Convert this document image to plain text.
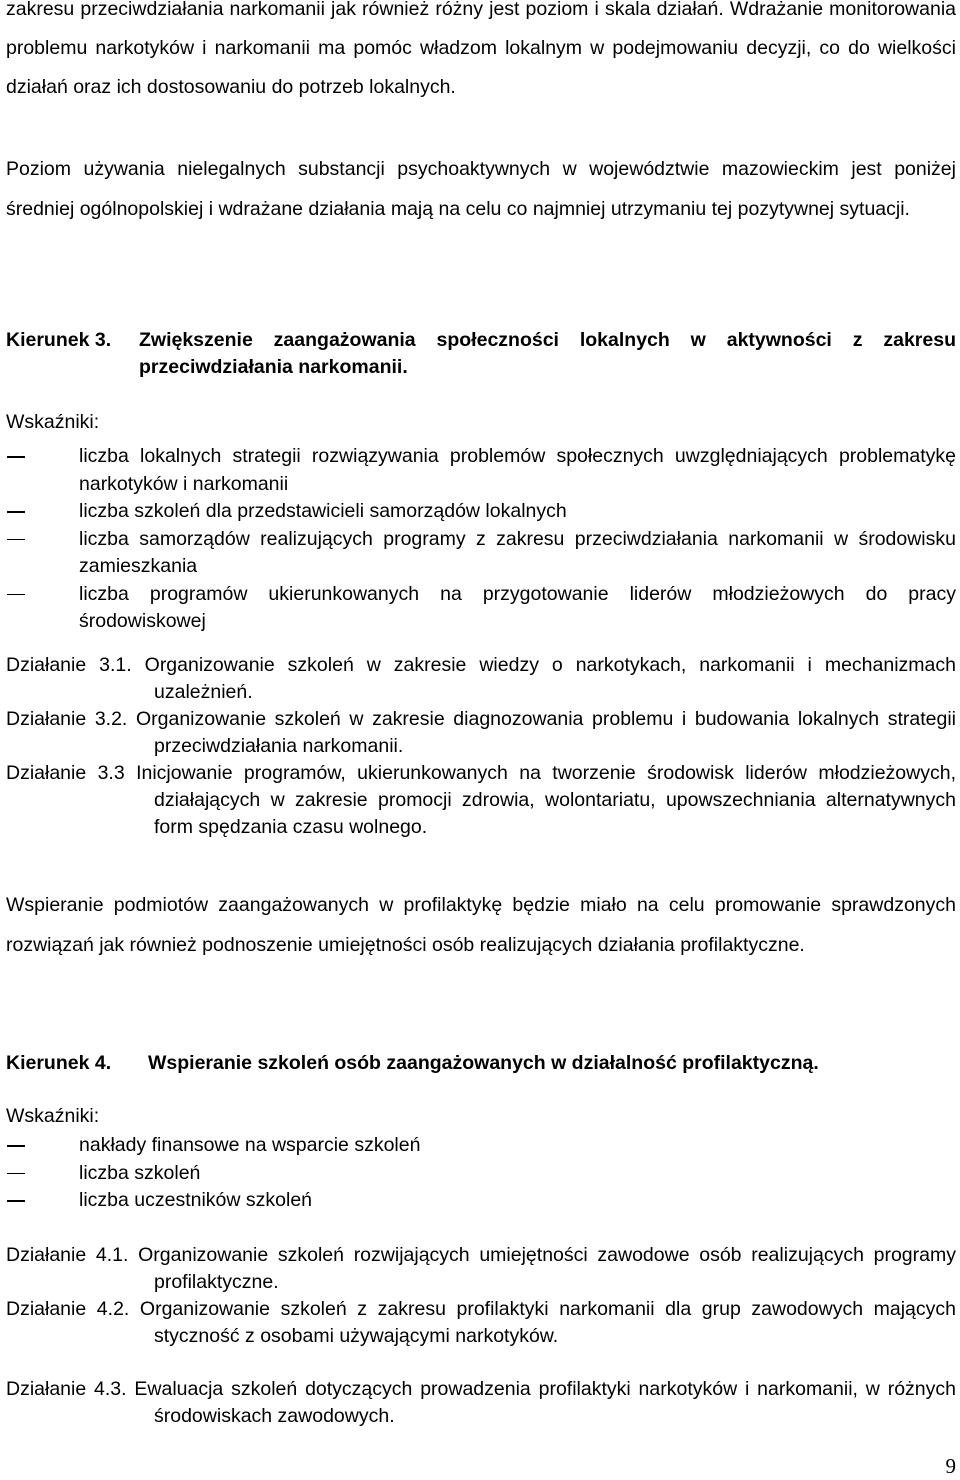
zakresu przeciwdziałania narkomanii jak również różny jest poziom i skala działań. Wdrażanie monitorowania problemu narkotyków i narkomanii ma pomóc władzom lokalnym w podejmowaniu decyzji, co do wielkości działań oraz ich dostosowaniu do potrzeb lokalnych.

Poziom używania nielegalnych substancji psychoaktywnych w województwie mazowieckim jest poniżej średniej ogólnopolskiej i wdrażane działania mają na celu co najmniej utrzymaniu tej pozytywnej sytuacji.

Kierunek 3.	Zwiększenie zaangażowania społeczności lokalnych w aktywności z zakresu przeciwdziałania narkomanii.
Wskaźniki:
liczba lokalnych strategii rozwiązywania problemów społecznych uwzględniających problematykę narkotyków i narkomanii
liczba szkoleń dla przedstawicieli samorządów lokalnych
liczba samorządów realizujących programy z zakresu przeciwdziałania narkomanii w środowisku zamieszkania
liczba programów ukierunkowanych na przygotowanie liderów młodzieżowych do pracy środowiskowej
Działanie 3.1. Organizowanie szkoleń w zakresie wiedzy o narkotykach, narkomanii i mechanizmach uzależnień.
Działanie 3.2. Organizowanie szkoleń w zakresie diagnozowania problemu i budowania lokalnych strategii przeciwdziałania narkomanii.
Działanie 3.3 Inicjowanie programów, ukierunkowanych na tworzenie środowisk liderów młodzieżowych, działających w zakresie promocji zdrowia, wolontariatu, upowszechniania alternatywnych form spędzania czasu wolnego.

Wspieranie podmiotów zaangażowanych w profilaktykę będzie miało na celu promowanie sprawdzonych rozwiązań jak również podnoszenie umiejętności osób realizujących działania profilaktyczne.

Kierunek 4.	Wspieranie szkoleń osób zaangażowanych w działalność profilaktyczną.
Wskaźniki:
nakłady finansowe na wsparcie szkoleń
liczba szkoleń
liczba uczestników szkoleń
Działanie 4.1. Organizowanie szkoleń rozwijających umiejętności zawodowe osób realizujących programy profilaktyczne.
Działanie 4.2. Organizowanie szkoleń z zakresu profilaktyki narkomanii dla grup zawodowych mających styczność z osobami używającymi narkotyków.
Działanie 4.3. Ewaluacja szkoleń dotyczących prowadzenia profilaktyki narkotyków i narkomanii, w różnych środowiskach zawodowych.
9
